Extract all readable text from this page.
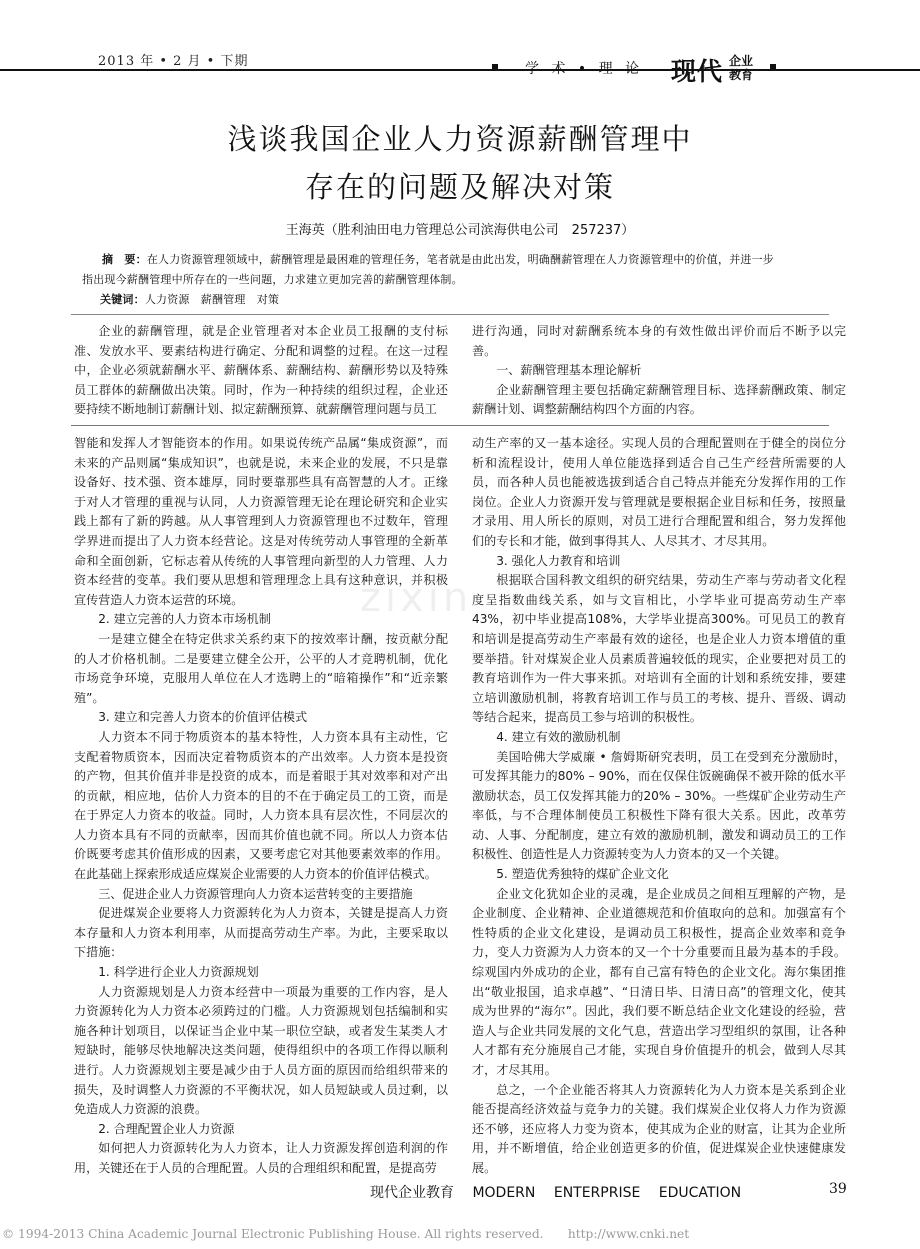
2013 年 • 2 月 • 下期	学 术 • 理 论 现代 企业
教育
浅谈我国企业人力资源薪酬管理中
存在的问题及解决对策
王海英（胜利油田电力管理总公司滨海供电公司　257237）
摘　要：在人力资源管理领域中，薪酬管理是最困难的管理任务，笔者就是由此出发，明确酬薪管理在人力资源管理中的价值，并进一步
指出现今薪酬管理中所存在的一些问题，力求建立更加完善的薪酬管理体制。
关键词：人力资源　薪酬管理　对策

企业的薪酬管理，就是企业管理者对本企业员工报酬的支付标准、发放水平、要素结构进行确定、分配和调整的过程。在这一过程中，企业必须就薪酬水平、薪酬体系、薪酬结构、薪酬形势以及特殊员工群体的薪酬做出决策。同时，作为一种持续的组织过程，企业还要持续不断地制订薪酬计划、拟定薪酬预算、就薪酬管理问题与员工

进行沟通，同时对薪酬系统本身的有效性做出评价而后不断予以完善。

一、薪酬管理基本理论解析

企业薪酬管理主要包括确定薪酬管理目标、选择薪酬政策、制定薪酬计划、调整薪酬结构四个方面的内容。

zixin

智能和发挥人才智能资本的作用。如果说传统产品属“集成资源”，而未来的产品则属“集成知识”，也就是说，未来企业的发展，不只是靠设备好、技术强、资本雄厚，同时要靠那些具有高智慧的人才。正缘于对人才管理的重视与认同，人力资源管理无论在理论研究和企业实践上都有了新的跨越。从人事管理到人力资源管理也不过数年，管理学界进而提出了人力资本经营论。这是对传统劳动人事管理的全新革命和全面创新，它标志着从传统的人事管理向新型的人力管理、人力资本经营的变革。我们要从思想和管理理念上具有这种意识，并积极宣传营造人力资本运营的环境。

2. 建立完善的人力资本市场机制

一是建立健全在特定供求关系约束下的按效率计酬，按贡献分配的人才价格机制。二是要建立健全公开，公平的人才竞聘机制，优化市场竞争环境，克服用人单位在人才选聘上的“暗箱操作”和“近亲繁殖”。

3. 建立和完善人力资本的价值评估模式

人力资本不同于物质资本的基本特性，人力资本具有主动性，它支配着物质资本，因而决定着物质资本的产出效率。人力资本是投资的产物，但其价值并非是投资的成本，而是着眼于其对效率和对产出的贡献，相应地，估价人力资本的目的不在于确定员工的工资，而是在于界定人力资本的收益。同时，人力资本具有层次性，不同层次的人力资本具有不同的贡献率，因而其价值也就不同。所以人力资本估价既要考虑其价值形成的因素，又要考虑它对其他要素效率的作用。在此基础上探索形成适应煤炭企业需要的人力资本的价值评估模式。

三、促进企业人力资源管理向人力资本运营转变的主要措施

促进煤炭企业要将人力资源转化为人力资本，关键是提高人力资本存量和人力资本利用率，从而提高劳动生产率。为此，主要采取以下措施：

1. 科学进行企业人力资源规划

人力资源规划是人力资本经营中一项最为重要的工作内容，是人力资源转化为人力资本必须跨过的门槛。人力资源规划包括编制和实施各种计划项目，以保证当企业中某一职位空缺，或者发生某类人才短缺时，能够尽快地解决这类问题，使得组织中的各项工作得以顺利进行。人力资源规划主要是减少由于人员方面的原因而给组织带来的损失，及时调整人力资源的不平衡状况，如人员短缺或人员过剩，以免造成人力资源的浪费。

2. 合理配置企业人力资源

如何把人力资源转化为人力资本，让人力资源发挥创造利润的作用，关键还在于人员的合理配置。人员的合理组织和配置，是提高劳

动生产率的又一基本途径。实现人员的合理配置则在于健全的岗位分析和流程设计，使用人单位能选择到适合自己生产经营所需要的人员，而各种人员也能被选拔到适合自己特点并能充分发挥作用的工作岗位。企业人力资源开发与管理就是要根据企业目标和任务，按照量才录用、用人所长的原则，对员工进行合理配置和组合，努力发挥他们的专长和才能，做到事得其人、人尽其才、才尽其用。

3. 强化人力教育和培训

根据联合国科教文组织的研究结果，劳动生产率与劳动者文化程度呈指数曲线关系，如与文盲相比，小学毕业可提高劳动生产率43%，初中毕业提高108%，大学毕业提高300%。可见员工的教育和培训是提高劳动生产率最有效的途径，也是企业人力资本增值的重要举措。针对煤炭企业人员素质普遍较低的现实，企业要把对员工的教育培训作为一件大事来抓。对培训有全面的计划和系统安排，要建立培训激励机制，将教育培训工作与员工的考核、提升、晋级、调动等结合起来，提高员工参与培训的积极性。

4. 建立有效的激励机制

美国哈佛大学威廉 • 詹姆斯研究表明，员工在受到充分激励时，可发挥其能力的80% – 90%，而在仅保住饭碗确保不被开除的低水平激励状态，员工仅发挥其能力的20% – 30%。一些煤矿企业劳动生产率低，与不合理体制使员工积极性下降有很大关系。因此，改革劳动、人事、分配制度，建立有效的激励机制，激发和调动员工的工作积极性、创造性是人力资源转变为人力资本的又一个关键。

5. 塑造优秀独特的煤矿企业文化

企业文化犹如企业的灵魂，是企业成员之间相互理解的产物，是企业制度、企业精神、企业道德规范和价值取向的总和。加强富有个性特质的企业文化建设，是调动员工积极性，提高企业效率和竞争力，变人力资源为人力资本的又一个十分重要而且最为基本的手段。综观国内外成功的企业，都有自己富有特色的企业文化。海尔集团推出“敬业报国，追求卓越”、“日清日毕、日清日高”的管理文化，使其成为世界的“海尔”。因此，我们要不断总结企业文化建设的经验，营造人与企业共同发展的文化气息，营造出学习型组织的氛围，让各种人才都有充分施展自己才能，实现自身价值提升的机会，做到人尽其才，才尽其用。

总之，一个企业能否将其人力资源转化为人力资本是关系到企业能否提高经济效益与竞争力的关键。我们煤炭企业仅将人力作为资源还不够，还应将人力变为资本，使其成为企业的财富，让其为企业所用，并不断增值，给企业创造更多的价值，促进煤炭企业快速健康发展。

现代企业教育 MODERN ENTERPRISE EDUCATION	39
© 1994-2013 China Academic Journal Electronic Publishing House. All rights reserved.　　http://www.cnki.net
